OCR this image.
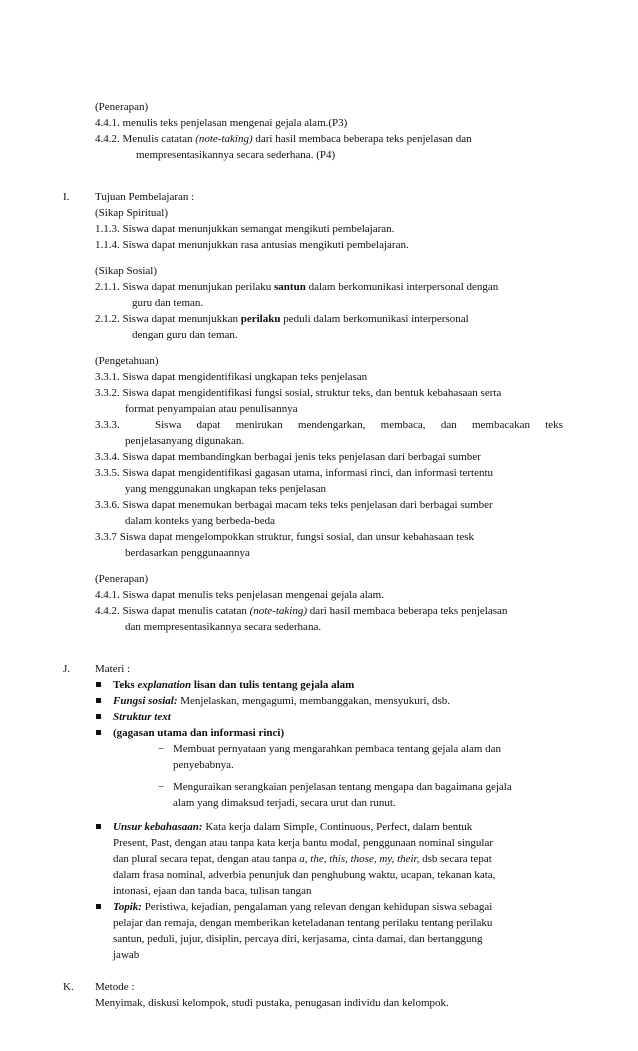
(Penerapan)
4.4.1. menulis teks penjelasan mengenai gejala alam.(P3)
4.4.2. Menulis catatan (note-taking) dari hasil membaca beberapa teks penjelasan dan
mempresentasikannya secara sederhana. (P4)
I. Tujuan Pembelajaran :
(Sikap Spiritual)
1.1.3. Siswa dapat menunjukkan semangat mengikuti pembelajaran.
1.1.4. Siswa dapat menunjukkan rasa antusias mengikuti pembelajaran.
(Sikap Sosial)
2.1.1. Siswa dapat menunjukan perilaku santun dalam berkomunikasi interpersonal dengan
guru dan teman.
2.1.2. Siswa dapat menunjukkan perilaku peduli dalam berkomunikasi interpersonal
dengan guru dan teman.
(Pengetahuan)
3.3.1. Siswa dapat mengidentifikasi ungkapan teks penjelasan
3.3.2. Siswa dapat mengidentifikasi fungsi sosial, struktur teks, dan bentuk kebahasaan serta
format penyampaian atau penulisannya
3.3.3.	Siswa dapat menirukan mendengarkan, membaca, dan membacakan teks
penjelasanyang digunakan.
3.3.4. Siswa dapat membandingkan berbagai jenis teks penjelasan dari berbagai sumber
3.3.5. Siswa dapat mengidentifikasi gagasan utama, informasi rinci, dan informasi tertentu
yang menggunakan ungkapan teks penjelasan
3.3.6. Siswa dapat menemukan berbagai macam teks teks penjelasan dari berbagai sumber
dalam konteks yang berbeda-beda
3.3.7 Siswa dapat mengelompokkan struktur, fungsi sosial, dan unsur kebahasaan tesk
berdasarkan penggunaannya
(Penerapan)
4.4.1. Siswa dapat menulis teks penjelasan mengenai gejala alam.
4.4.2. Siswa dapat menulis catatan (note-taking) dari hasil membaca beberapa teks penjelasan
dan mempresentasikannya secara sederhana.
J. Materi :
Teks explanation lisan dan tulis tentang gejala alam
Fungsi sosial: Menjelaskan, mengagumi, membanggakan, mensyukuri, dsb.
Struktur text
(gagasan utama dan informasi rinci)
− Membuat pernyataan yang mengarahkan pembaca tentang gejala alam dan
penyebabnya.
− Menguraikan serangkaian penjelasan tentang mengapa dan bagaimana gejala
alam yang dimaksud terjadi, secara urut dan runut.
Unsur kebahasaan: Kata kerja dalam Simple, Continuous, Perfect, dalam bentuk
Present, Past, dengan atau tanpa kata kerja bantu modal, penggunaan nominal singular
dan plural secara tepat, dengan atau tanpa a, the, this, those, my, their, dsb secara tepat
dalam frasa nominal, adverbia penunjuk dan penghubung waktu, ucapan, tekanan kata,
intonasi, ejaan dan tanda baca, tulisan tangan
Topik: Peristiwa, kejadian, pengalaman yang relevan dengan kehidupan siswa sebagai
pelajar dan remaja, dengan memberikan keteladanan tentang perilaku tentang perilaku
santun, peduli, jujur, disiplin, percaya diri, kerjasama, cinta damai, dan bertanggung
jawab
K. Metode :
Menyimak, diskusi kelompok, studi pustaka, penugasan individu dan kelompok.
